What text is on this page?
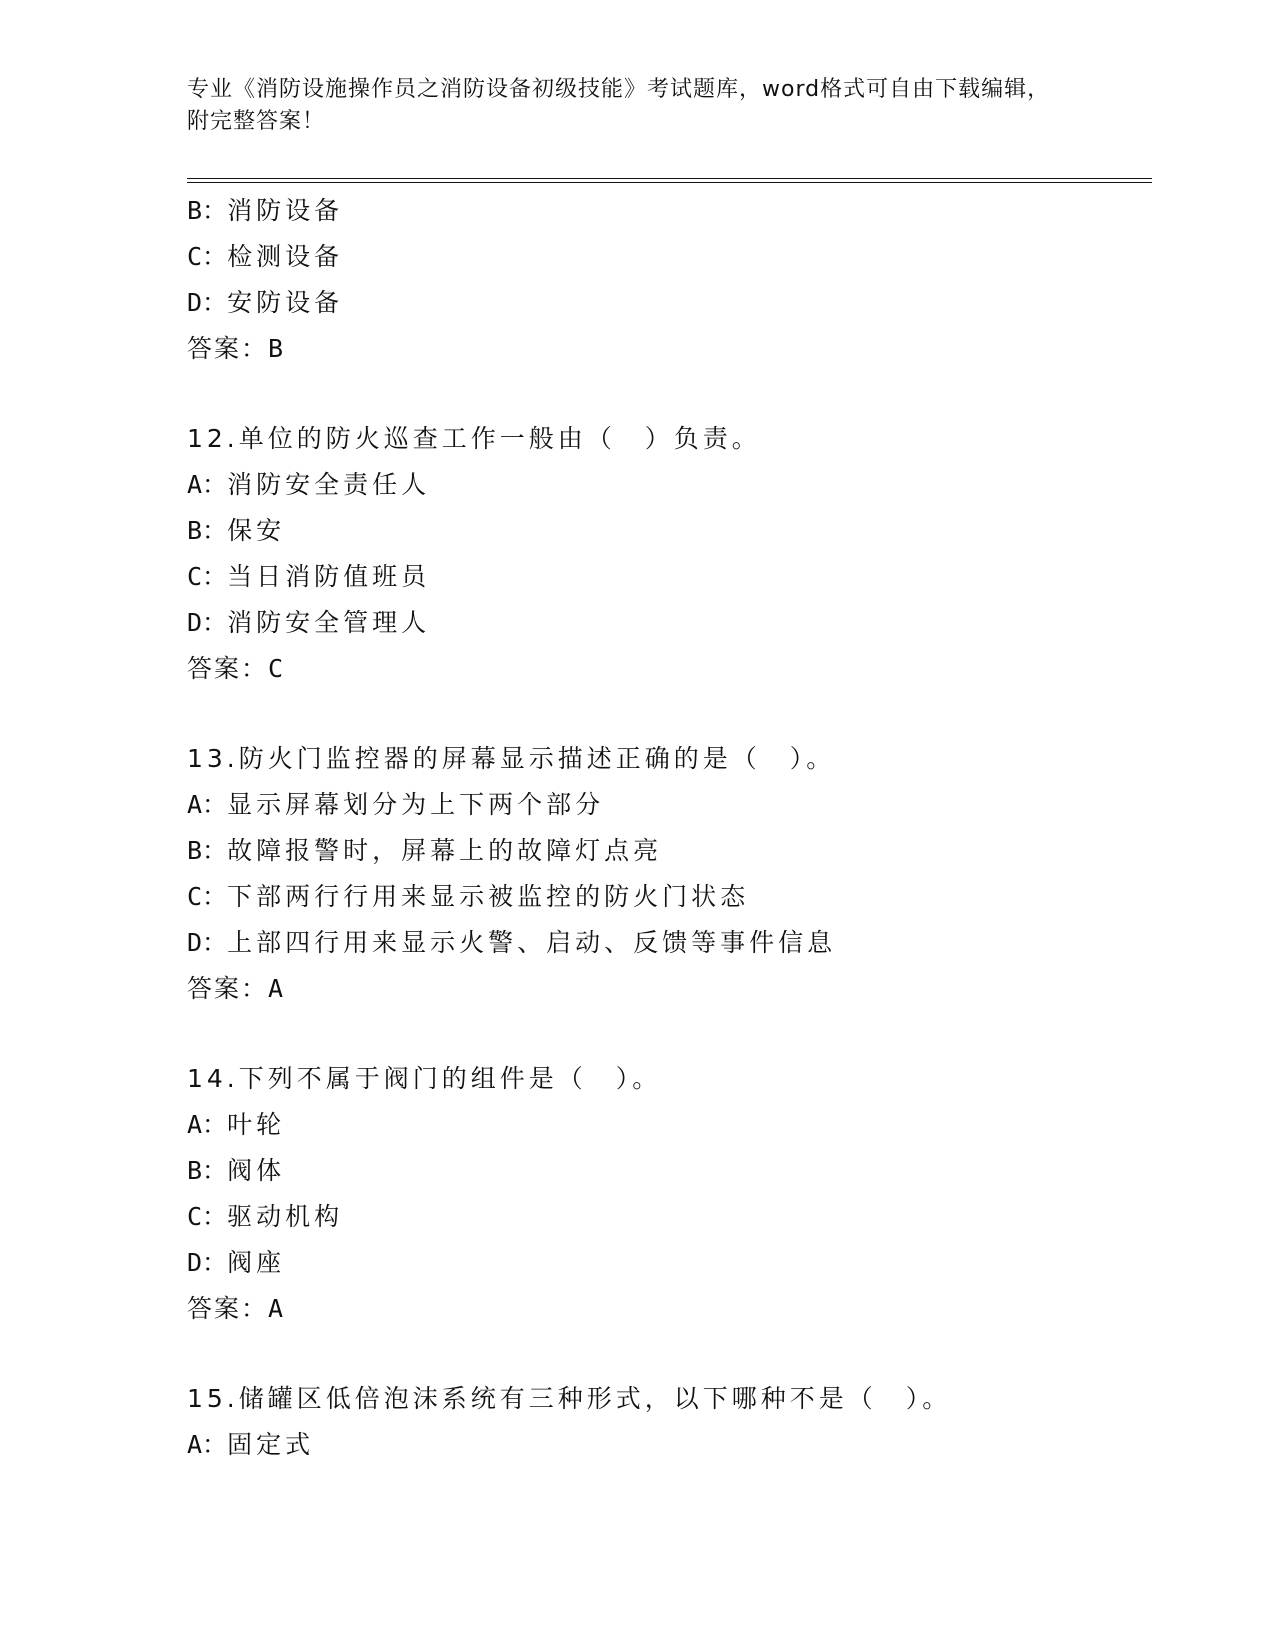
专业《消防设施操作员之消防设备初级技能》考试题库，word格式可自由下载编辑，附完整答案！
B：消防设备
C：检测设备
D：安防设备
答案：B
12.单位的防火巡查工作一般由（　）负责。
A：消防安全责任人
B：保安
C：当日消防值班员
D：消防安全管理人
答案：C
13.防火门监控器的屏幕显示描述正确的是（　）。
A：显示屏幕划分为上下两个部分
B：故障报警时，屏幕上的故障灯点亮
C：下部两行行用来显示被监控的防火门状态
D：上部四行用来显示火警、启动、反馈等事件信息
答案：A
14.下列不属于阀门的组件是（　）。
A：叶轮
B：阀体
C：驱动机构
D：阀座
答案：A
15.储罐区低倍泡沫系统有三种形式，以下哪种不是（　）。
A：固定式
